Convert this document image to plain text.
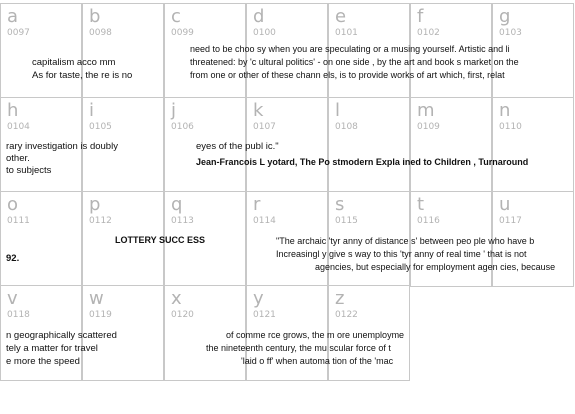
a
0097
b
0098
c
0099
d
0100
e
0101
f
0102
g
0103
h
0104
i
0105
j
0106
k
0107
l
0108
m
0109
n
0110
o
0111
p
0112
q
0113
r
0114
s
0115
t
0116
u
0117
v
0118
w
0119
x
0120
y
0121
z
0122
capitalism acco mm
As for taste, the re is no
need to be choo sy when you are speculating or a musing yourself. Artistic and li
threatened: by 'c ultural politics' - on one side , by the art and book s market on the
from one or other of these chann els, is to provide works of art which, first, relat
rary investigation is doubly
other.
to subjects
eyes of the publ ic."
Jean-Francois L yotard, The Po stmodern Expla ined to Children , Turnaround
LOTTERY SUCC ESS	"The archaic 'tyr anny of distance s' between peo ple who have b
Increasingl y give s way to this 'tyr anny of real time ' that is not
agencies, but especially for employment agen cies, because
92.
n geographically scattered
tely a matter for travel
e more the speed
of comme rce grows, the m ore unemployme
the nineteenth century, the mu scular force of t
'laid o ff' when automa tion of the 'mac
